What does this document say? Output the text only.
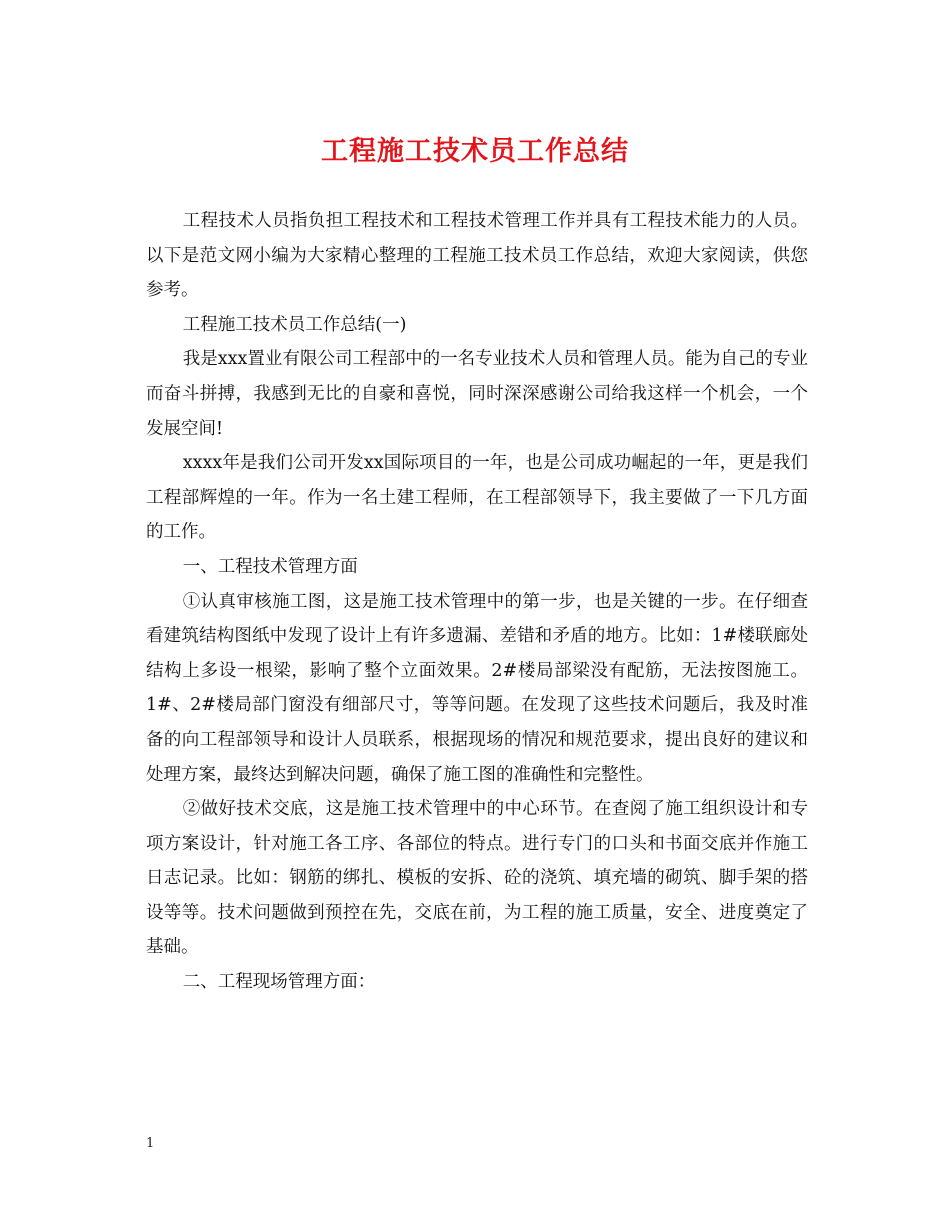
工程施工技术员工作总结

工程技术人员指负担工程技术和工程技术管理工作并具有工程技术能力的人员。以下是范文网小编为大家精心整理的工程施工技术员工作总结，欢迎大家阅读，供您参考。

工程施工技术员工作总结(一)

我是xxx置业有限公司工程部中的一名专业技术人员和管理人员。能为自己的专业而奋斗拼搏，我感到无比的自豪和喜悦，同时深深感谢公司给我这样一个机会，一个发展空间!

xxxx年是我们公司开发xx国际项目的一年，也是公司成功崛起的一年，更是我们工程部辉煌的一年。作为一名土建工程师，在工程部领导下，我主要做了一下几方面的工作。

一、工程技术管理方面

①认真审核施工图，这是施工技术管理中的第一步，也是关键的一步。在仔细查看建筑结构图纸中发现了设计上有许多遗漏、差错和矛盾的地方。比如：1#楼联廊处结构上多设一根梁，影响了整个立面效果。2#楼局部梁没有配筋，无法按图施工。1#、2#楼局部门窗没有细部尺寸，等等问题。在发现了这些技术问题后，我及时准备的向工程部领导和设计人员联系，根据现场的情况和规范要求，提出良好的建议和处理方案，最终达到解决问题，确保了施工图的准确性和完整性。

②做好技术交底，这是施工技术管理中的中心环节。在查阅了施工组织设计和专项方案设计，针对施工各工序、各部位的特点。进行专门的口头和书面交底并作施工日志记录。比如：钢筋的绑扎、模板的安拆、砼的浇筑、填充墙的砌筑、脚手架的搭设等等。技术问题做到预控在先，交底在前，为工程的施工质量，安全、进度奠定了基础。

二、工程现场管理方面：

1
